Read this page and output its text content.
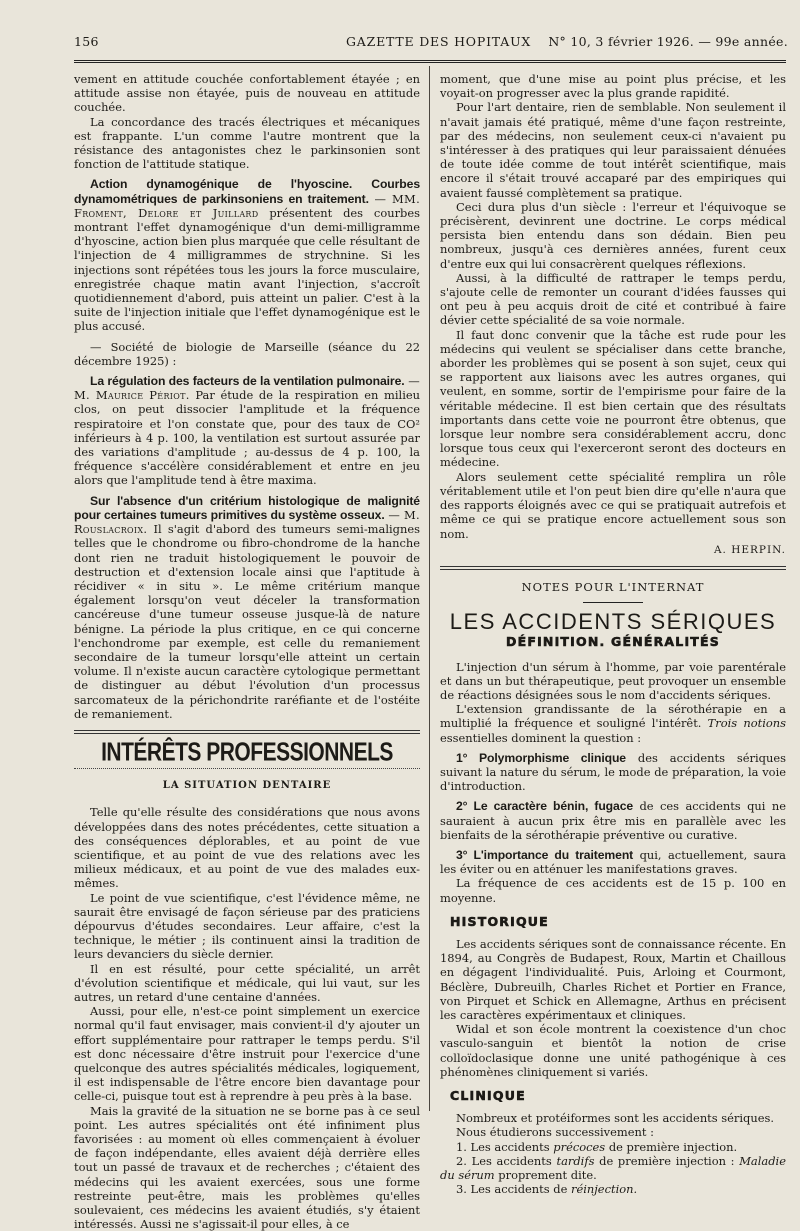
156	GAZETTE DES HOPITAUX N° 10, 3 février 1926. — 99e année.

vement en attitude couchée confortablement étayée ; en attitude assise non étayée, puis de nouveau en attitude couchée.

La concordance des tracés électriques et mécaniques est frappante. L'un comme l'autre montrent que la résistance des antagonistes chez le parkinsonien sont fonction de l'attitude statique.

Action dynamogénique de l'hyoscine. Courbes dynamométriques de parkinsoniens en traitement. — MM. Froment, Delore et Juillard présentent des courbes montrant l'effet dynamogénique d'un demi-milligramme d'hyoscine, action bien plus marquée que celle résultant de l'injection de 4 milligrammes de strychnine. Si les injections sont répétées tous les jours la force musculaire, enregistrée chaque matin avant l'injection, s'accroît quotidiennement d'abord, puis atteint un palier. C'est à la suite de l'injection initiale que l'effet dynamogénique est le plus accusé.

— Société de biologie de Marseille (séance du 22 décembre 1925) :

La régulation des facteurs de la ventilation pulmonaire. — M. Maurice Périot. Par étude de la respiration en milieu clos, on peut dissocier l'amplitude et la fréquence respiratoire et l'on constate que, pour des taux de CO² inférieurs à 4 p. 100, la ventilation est surtout assurée par des variations d'amplitude ; au-dessus de 4 p. 100, la fréquence s'accélère considérablement et entre en jeu alors que l'amplitude tend à être maxima.

Sur l'absence d'un critérium histologique de malignité pour certaines tumeurs primitives du système osseux. — M. Rouslacroix. Il s'agit d'abord des tumeurs semi-malignes telles que le chondrome ou fibro-chondrome de la hanche dont rien ne traduit histologiquement le pouvoir de destruction et d'extension locale ainsi que l'aptitude à récidiver « in situ ». Le même critérium manque également lorsqu'on veut déceler la transformation cancéreuse d'une tumeur osseuse jusque-là de nature bénigne. La période la plus critique, en ce qui concerne l'enchondrome par exemple, est celle du remaniement secondaire de la tumeur lorsqu'elle atteint un certain volume. Il n'existe aucun caractère cytologique permettant de distinguer au début l'évolution d'un processus sarcomateux de la périchondrite raréfiante et de l'ostéite de remaniement.

INTÉRÊTS PROFESSIONNELS
LA SITUATION DENTAIRE

Telle qu'elle résulte des considérations que nous avons développées dans des notes précédentes, cette situation a des conséquences déplorables, et au point de vue scientifique, et au point de vue des relations avec les milieux médicaux, et au point de vue des malades eux-mêmes.

Le point de vue scientifique, c'est l'évidence même, ne saurait être envisagé de façon sérieuse par des praticiens dépourvus d'études secondaires. Leur affaire, c'est la technique, le métier ; ils continuent ainsi la tradition de leurs devanciers du siècle dernier.

Il en est résulté, pour cette spécialité, un arrêt d'évolution scientifique et médicale, qui lui vaut, sur les autres, un retard d'une centaine d'années.

Aussi, pour elle, n'est-ce point simplement un exercice normal qu'il faut envisager, mais convient-il d'y ajouter un effort supplémentaire pour rattraper le temps perdu. S'il est donc nécessaire d'être instruit pour l'exercice d'une quelconque des autres spécialités médicales, logiquement, il est indispensable de l'être encore bien davantage pour celle-ci, puisque tout est à reprendre à peu près à la base.

Mais la gravité de la situation ne se borne pas à ce seul point. Les autres spécialités ont été infiniment plus favorisées : au moment où elles commençaient à évoluer de façon indépendante, elles avaient déjà derrière elles tout un passé de travaux et de recherches ; c'étaient des médecins qui les avaient exercées, sous une forme restreinte peut-être, mais les problèmes qu'elles soulevaient, ces médecins les avaient étudiés, s'y étaient intéressés. Aussi ne s'agissait-il pour elles, à ce

moment, que d'une mise au point plus précise, et les voyait-on progresser avec la plus grande rapidité.

Pour l'art dentaire, rien de semblable. Non seulement il n'avait jamais été pratiqué, même d'une façon restreinte, par des médecins, non seulement ceux-ci n'avaient pu s'intéresser à des pratiques qui leur paraissaient dénuées de toute idée comme de tout intérêt scientifique, mais encore il s'était trouvé accaparé par des empiriques qui avaient faussé complètement sa pratique.

Ceci dura plus d'un siècle : l'erreur et l'équivoque se précisèrent, devinrent une doctrine. Le corps médical persista bien entendu dans son dédain. Bien peu nombreux, jusqu'à ces dernières années, furent ceux d'entre eux qui lui consacrèrent quelques réflexions.

Aussi, à la difficulté de rattraper le temps perdu, s'ajoute celle de remonter un courant d'idées fausses qui ont peu à peu acquis droit de cité et contribué à faire dévier cette spécialité de sa voie normale.

Il faut donc convenir que la tâche est rude pour les médecins qui veulent se spécialiser dans cette branche, aborder les problèmes qui se posent à son sujet, ceux qui se rapportent aux liaisons avec les autres organes, qui veulent, en somme, sortir de l'empirisme pour faire de la véritable médecine. Il est bien certain que des résultats importants dans cette voie ne pourront être obtenus, que lorsque leur nombre sera considérablement accru, donc lorsque tous ceux qui l'exerceront seront des docteurs en médecine.

Alors seulement cette spécialité remplira un rôle véritablement utile et l'on peut bien dire qu'elle n'aura que des rapports éloignés avec ce qui se pratiquait autrefois et même ce qui se pratique encore actuellement sous son nom.

A. HERPIN.
NOTES POUR L'INTERNAT
LES ACCIDENTS SÉRIQUES
DÉFINITION. GÉNÉRALITÉS

L'injection d'un sérum à l'homme, par voie parentérale et dans un but thérapeutique, peut provoquer un ensemble de réactions désignées sous le nom d'accidents sériques.

L'extension grandissante de la sérothérapie en a multiplié la fréquence et souligné l'intérêt. Trois notions essentielles dominent la question :

1° Polymorphisme clinique des accidents sériques suivant la nature du sérum, le mode de préparation, la voie d'introduction.

2° Le caractère bénin, fugace de ces accidents qui ne sauraient à aucun prix être mis en parallèle avec les bienfaits de la sérothérapie préventive ou curative.

3° L'importance du traitement qui, actuellement, saura les éviter ou en atténuer les manifestations graves.

La fréquence de ces accidents est de 15 p. 100 en moyenne.

HISTORIQUE

Les accidents sériques sont de connaissance récente. En 1894, au Congrès de Budapest, Roux, Martin et Chaillous en dégagent l'individualité. Puis, Arloing et Courmont, Béclère, Dubreuilh, Charles Richet et Portier en France, von Pirquet et Schick en Allemagne, Arthus en précisent les caractères expérimentaux et cliniques.

Widal et son école montrent la coexistence d'un choc vasculo-sanguin et bientôt la notion de crise colloïdoclasique donne une unité pathogénique à ces phénomènes cliniquement si variés.

CLINIQUE

Nombreux et protéiformes sont les accidents sériques.

Nous étudierons successivement :

1. Les accidents précoces de première injection.

2. Les accidents tardifs de première injection : Maladie du sérum proprement dite.

3. Les accidents de réinjection.
